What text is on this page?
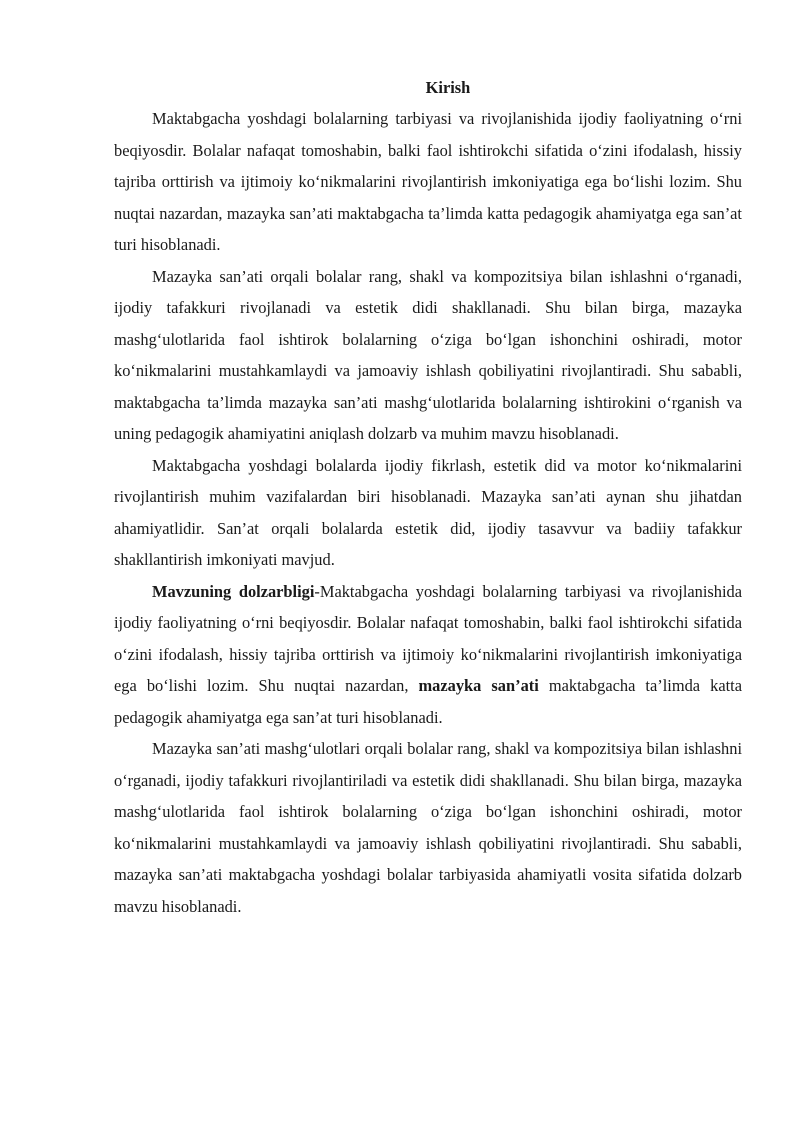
Kirish

Maktabgacha yoshdagi bolalarning tarbiyasi va rivojlanishida ijodiy faoliyatning o‘rni beqiyosdir. Bolalar nafaqat tomoshabin, balki faol ishtirokchi sifatida o‘zini ifodalash, hissiy tajriba orttirish va ijtimoiy ko‘nikmalarini rivojlantirish imkoniyatiga ega bo‘lishi lozim. Shu nuqtai nazardan, mazayka san’ati maktabgacha ta’limda katta pedagogik ahamiyatga ega san’at turi hisoblanadi.

Mazayka san’ati orqali bolalar rang, shakl va kompozitsiya bilan ishlashni o‘rganadi, ijodiy tafakkuri rivojlanadi va estetik didi shakllanadi. Shu bilan birga, mazayka mashg‘ulotlarida faol ishtirok bolalarning o‘ziga bo‘lgan ishonchini oshiradi, motor ko‘nikmalarini mustahkamlaydi va jamoaviy ishlash qobiliyatini rivojlantiradi. Shu sababli, maktabgacha ta’limda mazayka san’ati mashg‘ulotlarida bolalarning ishtirokini o‘rganish va uning pedagogik ahamiyatini aniqlash dolzarb va muhim mavzu hisoblanadi.

Maktabgacha yoshdagi bolalarda ijodiy fikrlash, estetik did va motor ko‘nikmalarini rivojlantirish muhim vazifalardan biri hisoblanadi. Mazayka san’ati aynan shu jihatdan ahamiyatlidir. San’at orqali bolalarda estetik did, ijodiy tasavvur va badiiy tafakkur shakllantirish imkoniyati mavjud.

Mavzuning dolzarbligi-Maktabgacha yoshdagi bolalarning tarbiyasi va rivojlanishida ijodiy faoliyatning o‘rni beqiyosdir. Bolalar nafaqat tomoshabin, balki faol ishtirokchi sifatida o‘zini ifodalash, hissiy tajriba orttirish va ijtimoiy ko‘nikmalarini rivojlantirish imkoniyatiga ega bo‘lishi lozim. Shu nuqtai nazardan, mazayka san’ati maktabgacha ta’limda katta pedagogik ahamiyatga ega san’at turi hisoblanadi.

Mazayka san’ati mashg‘ulotlari orqali bolalar rang, shakl va kompozitsiya bilan ishlashni o‘rganadi, ijodiy tafakkuri rivojlantiriladi va estetik didi shakllanadi. Shu bilan birga, mazayka mashg‘ulotlarida faol ishtirok bolalarning o‘ziga bo‘lgan ishonchini oshiradi, motor ko‘nikmalarini mustahkamlaydi va jamoaviy ishlash qobiliyatini rivojlantiradi. Shu sababli, mazayka san’ati maktabgacha yoshdagi bolalar tarbiyasida ahamiyatli vosita sifatida dolzarb mavzu hisoblanadi.
